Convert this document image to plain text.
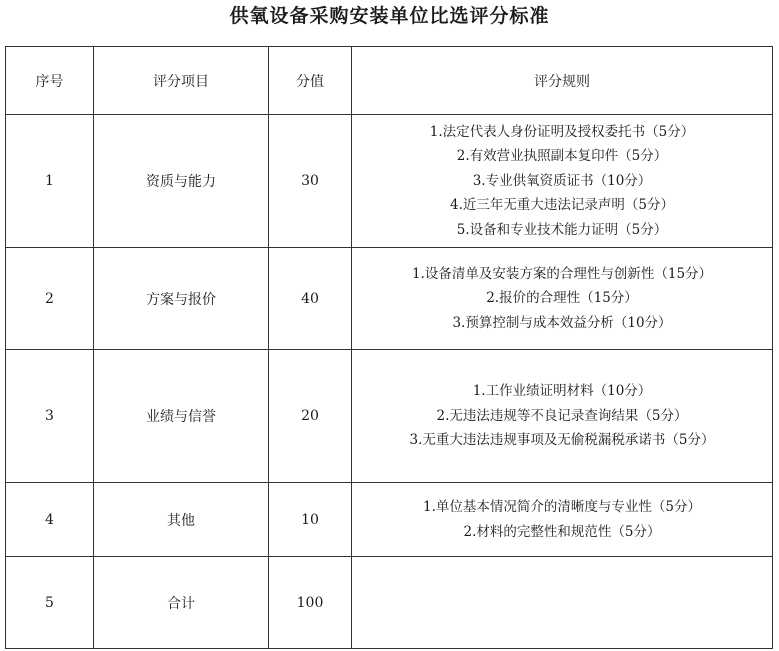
供氧设备采购安装单位比选评分标准
序号	评分项目	分值	评分规则
1	资质与能力	30	1.法定代表人身份证明及授权委托书（5分）
2.有效营业执照副本复印件（5分）
3.专业供氧资质证书（10分）
4.近三年无重大违法记录声明（5分）
5.设备和专业技术能力证明（5分）

2	方案与报价	40	1.设备清单及安装方案的合理性与创新性（15分）
2.报价的合理性（15分）
3.预算控制与成本效益分析（10分）

3	业绩与信誉	20	1.工作业绩证明材料（10分）
2.无违法违规等不良记录查询结果（5分）
3.无重大违法违规事项及无偷税漏税承诺书（5分）

4	其他	10	1.单位基本情况简介的清晰度与专业性（5分）
2.材料的完整性和规范性（5分）

5	合计	100	
